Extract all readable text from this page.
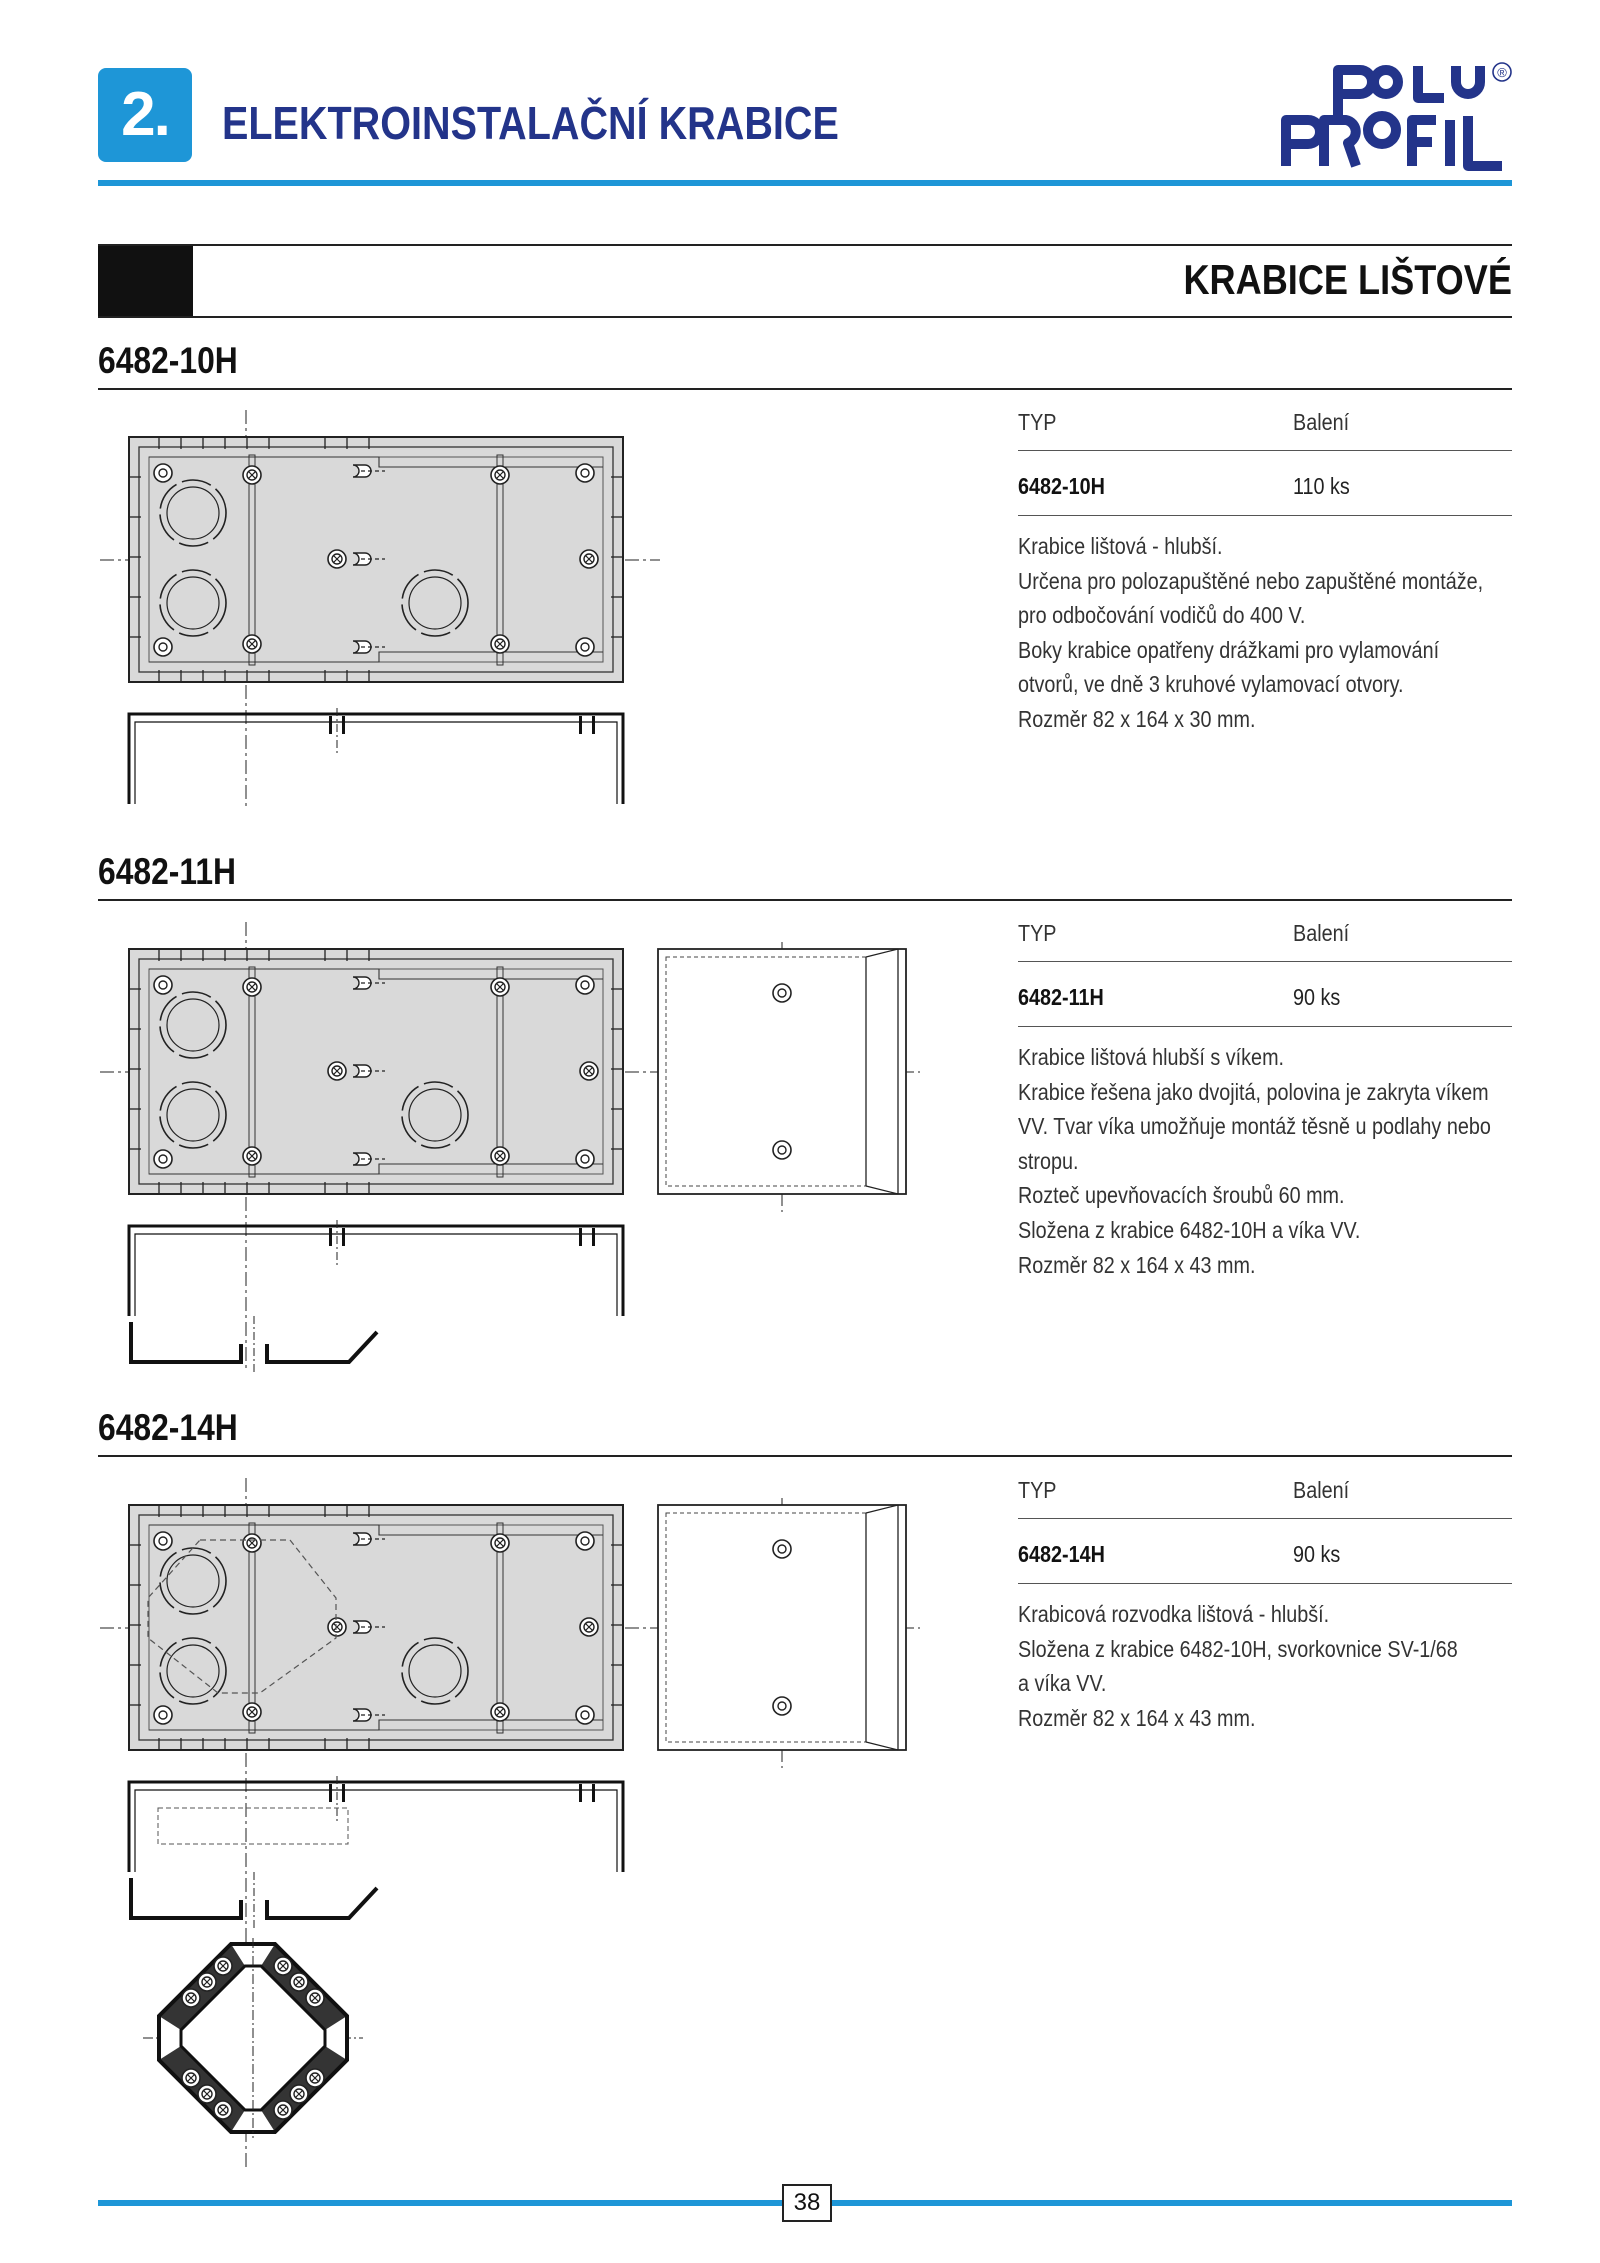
2.	ELEKTROINSTALAČNÍ KRABICE
®
KRABICE LIŠTOVÉ
6482-10H
TYP	Balení
6482-10H	110 ks
Krabice lištová - hlubší.
Určena pro polozapuštěné nebo zapuštěné montáže,
pro odbočování vodičů do 400 V.
Boky krabice opatřeny drážkami pro vylamování
otvorů, ve dně 3 kruhové vylamovací otvory.
Rozměr 82 x 164 x 30 mm.
6482-11H
TYP	Balení
6482-11H	90 ks
Krabice lištová hlubší s víkem.
Krabice řešena jako dvojitá, polovina je zakryta víkem
VV. Tvar víka umožňuje montáž těsně u podlahy nebo
stropu.
Rozteč upevňovacích šroubů 60 mm.
Složena z krabice 6482-10H a víka VV.
Rozměr 82 x 164 x 43 mm.
6482-14H
TYP	Balení
6482-14H	90 ks
Krabicová rozvodka lištová - hlubší.
Složena z krabice 6482-10H, svorkovnice SV-1/68
a víka VV.
Rozměr 82 x 164 x 43 mm.
38
